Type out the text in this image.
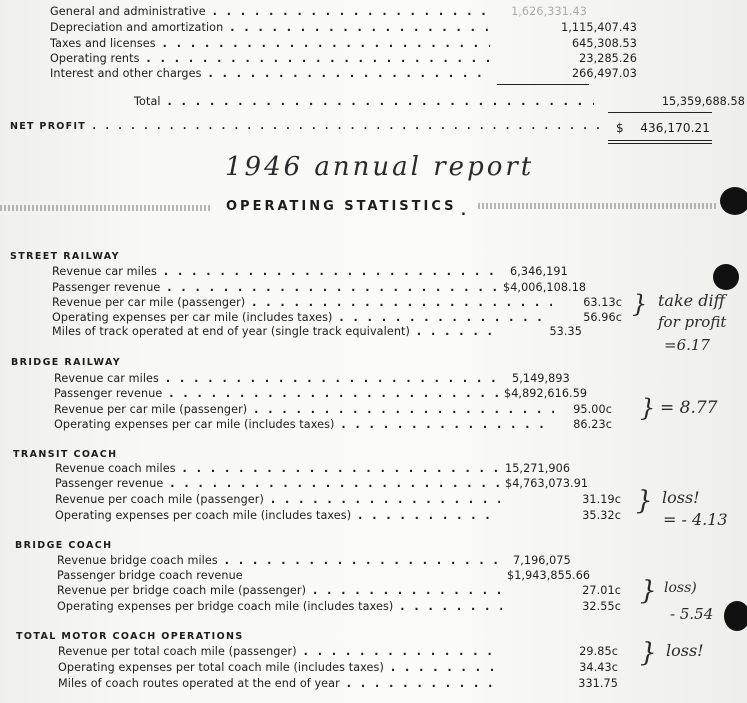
General and administrative . . .	1,626,331.43
Depreciation and amortization . . .	1,115,407.43
Taxes and licenses . . .	645,308.53
Operating rents . . .	23,285.26
Interest and other charges . . .	266,497.03
Total . . .	15,359,688.58
NET PROFIT . . .	$	436,170.21
1946 annual report
OPERATING STATISTICS .
STREET RAILWAY
Revenue car miles . . .	6,346,191
Passenger revenue . . .	$4,006,108.18
Revenue per car mile (passenger) . . .	63.13c
Operating expenses per car mile (includes taxes) . . .	56.96c
Miles of track operated at end of year (single track equivalent) . . .	53.35
} take diff
for profit
=6.17
BRIDGE RAILWAY
Revenue car miles . . .	5,149,893
Passenger revenue . . .	$4,892,616.59
Revenue per car mile (passenger) . . .	95.00c
Operating expenses per car mile (includes taxes) . . .	86.23c
} = 8.77
TRANSIT COACH
Revenue coach miles . . .	15,271,906
Passenger revenue . . .	$4,763,073.91
Revenue per coach mile (passenger) . . .	31.19c
Operating expenses per coach mile (includes taxes) . . .	35.32c } loss!
= - 4.13
BRIDGE COACH
Revenue bridge coach miles . . .	7,196,075
Passenger bridge coach revenue	$1,943,855.66
Revenue per bridge coach mile (passenger) . . .	27.01c
Operating expenses per bridge coach mile (includes taxes) . . .	32.55c
} loss)
- 5.54
TOTAL MOTOR COACH OPERATIONS
Revenue per total coach mile (passenger) . . .	29.85c
Operating expenses per total coach mile (includes taxes) . . .	34.43c
Miles of coach routes operated at the end of year . . .	331.75
} loss!
